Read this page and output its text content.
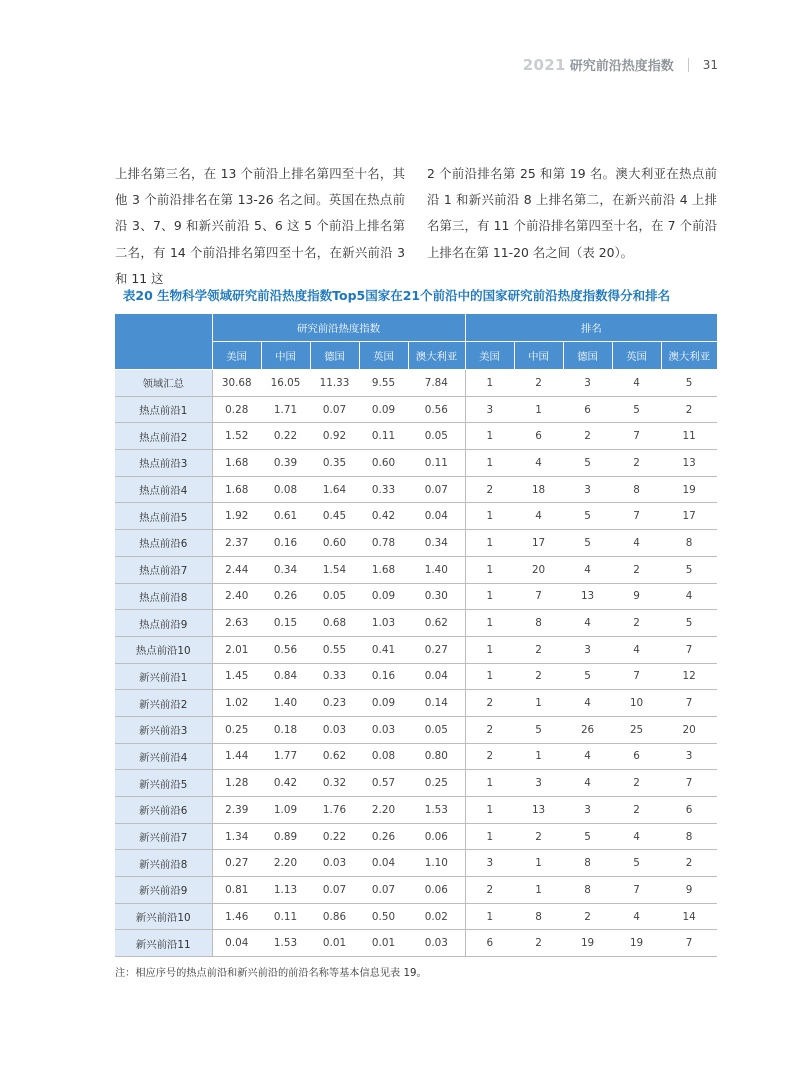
2021 研究前沿热度指数 31
上排名第三名，在 13 个前沿上排名第四至十名，其他 3 个前沿排名在第 13-26 名之间。英国在热点前沿 3、7、9 和新兴前沿 5、6 这 5 个前沿上排名第二名，有 14 个前沿排名第四至十名，在新兴前沿 3 和 11 这
2 个前沿排名第 25 和第 19 名。澳大利亚在热点前沿 1 和新兴前沿 8 上排名第二，在新兴前沿 4 上排名第三，有 11 个前沿排名第四至十名，在 7 个前沿上排名在第 11-20 名之间（表 20）。
表20 生物科学领域研究前沿热度指数Top5国家在21个前沿中的国家研究前沿热度指数得分和排名
	研究前沿热度指数					排名				
	美国	中国	德国	英国	澳大利亚	美国	中国	德国	英国	澳大利亚
领域汇总	30.68	16.05	11.33	9.55	7.84	1	2	3	4	5
热点前沿1	0.28	1.71	0.07	0.09	0.56	3	1	6	5	2
热点前沿2	1.52	0.22	0.92	0.11	0.05	1	6	2	7	11
热点前沿3	1.68	0.39	0.35	0.60	0.11	1	4	5	2	13
热点前沿4	1.68	0.08	1.64	0.33	0.07	2	18	3	8	19
热点前沿5	1.92	0.61	0.45	0.42	0.04	1	4	5	7	17
热点前沿6	2.37	0.16	0.60	0.78	0.34	1	17	5	4	8
热点前沿7	2.44	0.34	1.54	1.68	1.40	1	20	4	2	5
热点前沿8	2.40	0.26	0.05	0.09	0.30	1	7	13	9	4
热点前沿9	2.63	0.15	0.68	1.03	0.62	1	8	4	2	5
热点前沿10	2.01	0.56	0.55	0.41	0.27	1	2	3	4	7
新兴前沿1	1.45	0.84	0.33	0.16	0.04	1	2	5	7	12
新兴前沿2	1.02	1.40	0.23	0.09	0.14	2	1	4	10	7
新兴前沿3	0.25	0.18	0.03	0.03	0.05	2	5	26	25	20
新兴前沿4	1.44	1.77	0.62	0.08	0.80	2	1	4	6	3
新兴前沿5	1.28	0.42	0.32	0.57	0.25	1	3	4	2	7
新兴前沿6	2.39	1.09	1.76	2.20	1.53	1	13	3	2	6
新兴前沿7	1.34	0.89	0.22	0.26	0.06	1	2	5	4	8
新兴前沿8	0.27	2.20	0.03	0.04	1.10	3	1	8	5	2
新兴前沿9	0.81	1.13	0.07	0.07	0.06	2	1	8	7	9
新兴前沿10	1.46	0.11	0.86	0.50	0.02	1	8	2	4	14
新兴前沿11	0.04	1.53	0.01	0.01	0.03	6	2	19	19	7
注：相应序号的热点前沿和新兴前沿的前沿名称等基本信息见表 19。
